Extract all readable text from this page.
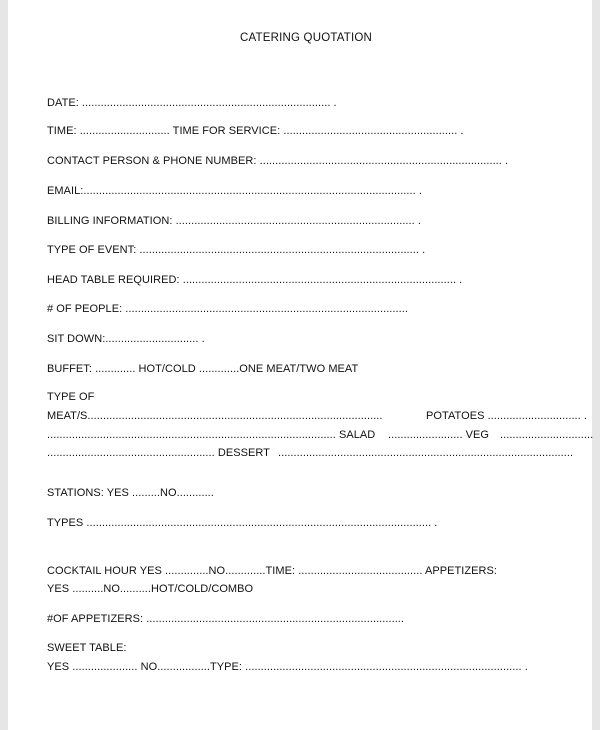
CATERING QUOTATION
DATE: ................................................................................ .
TIME: ............................. TIME FOR SERVICE: ........................................................ .
CONTACT PERSON & PHONE NUMBER: .............................................................................. .
EMAIL:........................................................................................................... .
BILLING INFORMATION: ............................................................................. .
TYPE OF EVENT: .......................................................................................... .
HEAD TABLE REQUIRED: ........................................................................................ .
# OF PEOPLE: ...........................................................................................
SIT DOWN:.............................. .
BUFFET: ............. HOT/COLD .............ONE MEAT/TWO MEAT
TYPE OF
MEAT/S...............................................................................................	POTATOES .............................. .
............................................................................................. SALAD ........................ VEG ..............................
...................................................... DESSERT ...............................................................................................
STATIONS: YES .........NO............
TYPES ............................................................................................................... .
COCKTAIL HOUR YES ..............NO.............TIME: ........................................ APPETIZERS:
YES ..........NO..........HOT/COLD/COMBO
#OF APPETIZERS: ...................................................................................
SWEET TABLE:
YES ..................... NO.................TYPE: ......................................................................................... .
